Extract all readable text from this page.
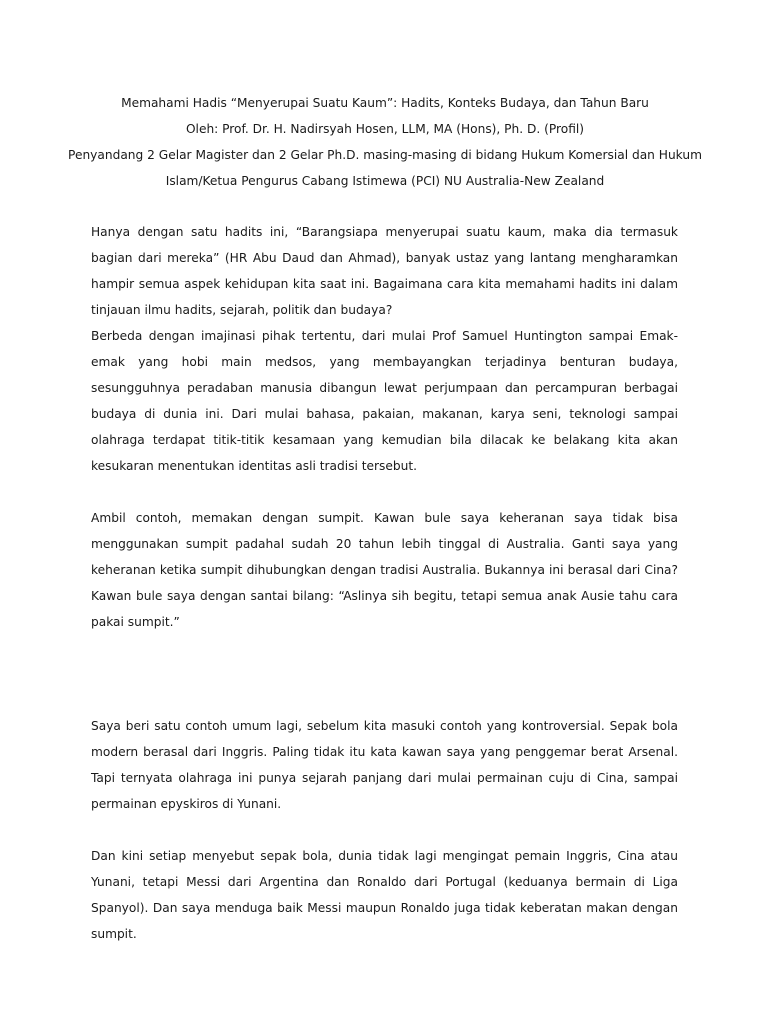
Memahami Hadis “Menyerupai Suatu Kaum”: Hadits, Konteks Budaya, dan Tahun Baru
Oleh: Prof. Dr. H. Nadirsyah Hosen, LLM, MA (Hons), Ph. D. (Profil)
Penyandang 2 Gelar Magister dan 2 Gelar Ph.D. masing-masing di bidang Hukum Komersial dan Hukum
Islam/Ketua Pengurus Cabang Istimewa (PCI) NU Australia-New Zealand

Hanya dengan satu hadits ini, “Barangsiapa menyerupai suatu kaum, maka dia termasuk bagian dari mereka” (HR Abu Daud dan Ahmad), banyak ustaz yang lantang mengharamkan hampir semua aspek kehidupan kita saat ini. Bagaimana cara kita memahami hadits ini dalam tinjauan ilmu hadits, sejarah, politik dan budaya?

Berbeda dengan imajinasi pihak tertentu, dari mulai Prof Samuel Huntington sampai Emak-emak yang hobi main medsos, yang membayangkan terjadinya benturan budaya, sesungguhnya peradaban manusia dibangun lewat perjumpaan dan percampuran berbagai budaya di dunia ini. Dari mulai bahasa, pakaian, makanan, karya seni, teknologi sampai olahraga terdapat titik-titik kesamaan yang kemudian bila dilacak ke belakang kita akan kesukaran menentukan identitas asli tradisi tersebut.

Ambil contoh, memakan dengan sumpit. Kawan bule saya keheranan saya tidak bisa menggunakan sumpit padahal sudah 20 tahun lebih tinggal di Australia. Ganti saya yang keheranan ketika sumpit dihubungkan dengan tradisi Australia. Bukannya ini berasal dari Cina? Kawan bule saya dengan santai bilang: “Aslinya sih begitu, tetapi semua anak Ausie tahu cara pakai sumpit.”

Saya beri satu contoh umum lagi, sebelum kita masuki contoh yang kontroversial. Sepak bola modern berasal dari Inggris. Paling tidak itu kata kawan saya yang penggemar berat Arsenal. Tapi ternyata olahraga ini punya sejarah panjang dari mulai permainan cuju di Cina, sampai permainan epyskiros di Yunani.

Dan kini setiap menyebut sepak bola, dunia tidak lagi mengingat pemain Inggris, Cina atau Yunani, tetapi Messi dari Argentina dan Ronaldo dari Portugal (keduanya bermain di Liga Spanyol). Dan saya menduga baik Messi maupun Ronaldo juga tidak keberatan makan dengan sumpit.
